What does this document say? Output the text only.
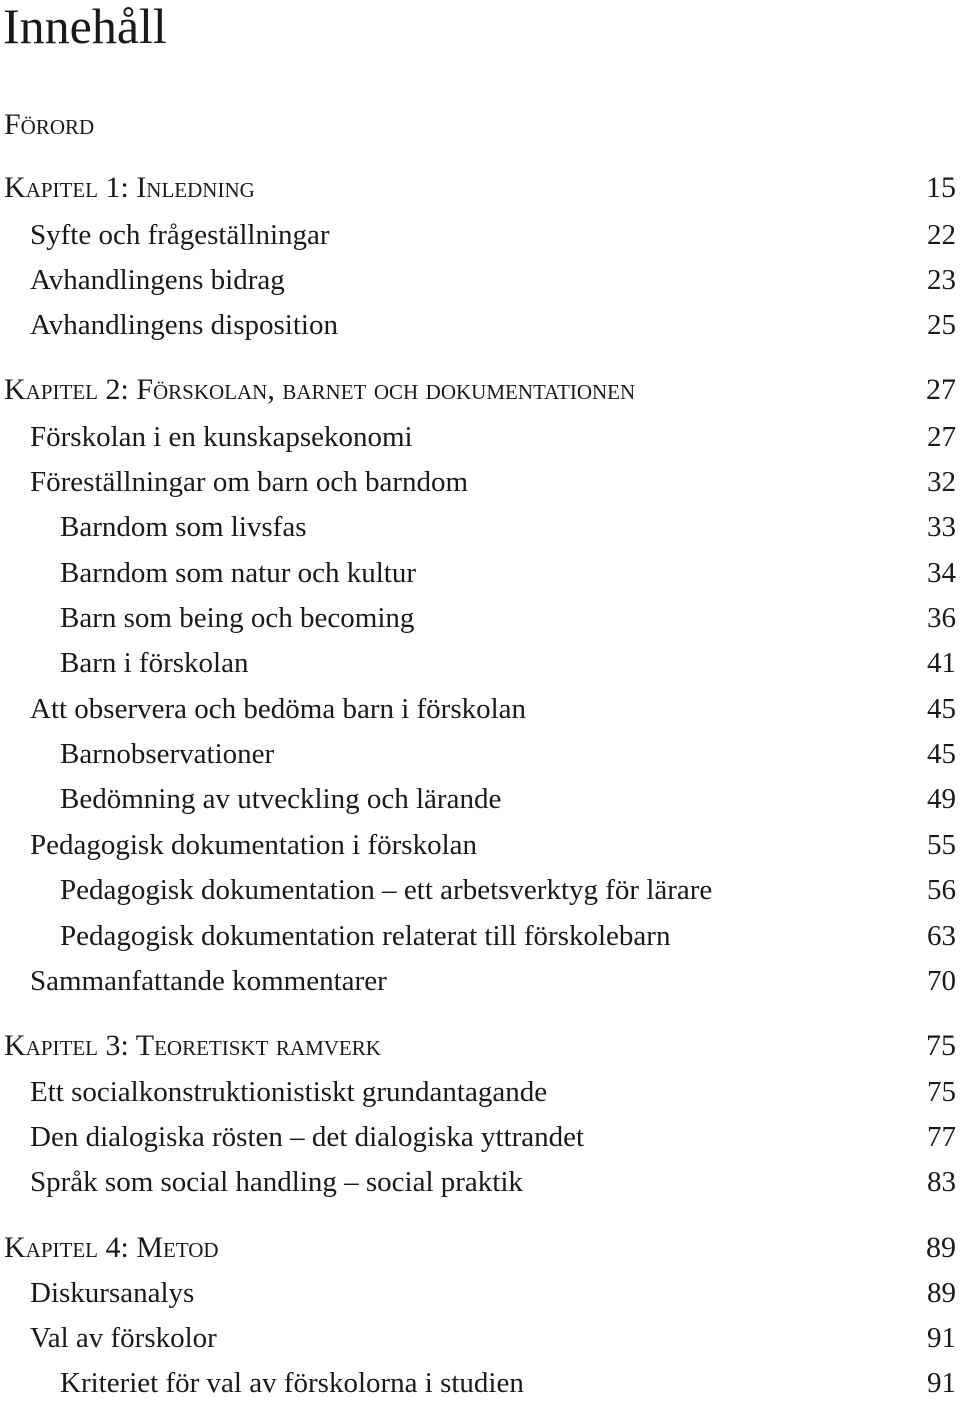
Innehåll
Förord
Kapitel 1: Inledning	15
Syfte och frågeställningar	22
Avhandlingens bidrag	23
Avhandlingens disposition	25
Kapitel 2: Förskolan, barnet och dokumentationen	27
Förskolan i en kunskapsekonomi	27
Föreställningar om barn och barndom	32
Barndom som livsfas	33
Barndom som natur och kultur	34
Barn som being och becoming	36
Barn i förskolan	41
Att observera och bedöma barn i förskolan	45
Barnobservationer	45
Bedömning av utveckling och lärande	49
Pedagogisk dokumentation i förskolan	55
Pedagogisk dokumentation – ett arbetsverktyg för lärare	56
Pedagogisk dokumentation relaterat till förskolebarn	63
Sammanfattande kommentarer	70
Kapitel 3: Teoretiskt ramverk	75
Ett socialkonstruktionistiskt grundantagande	75
Den dialogiska rösten – det dialogiska yttrandet	77
Språk som social handling – social praktik	83
Kapitel 4: Metod	89
Diskursanalys	89
Val av förskolor	91
Kriteriet för val av förskolorna i studien	91
